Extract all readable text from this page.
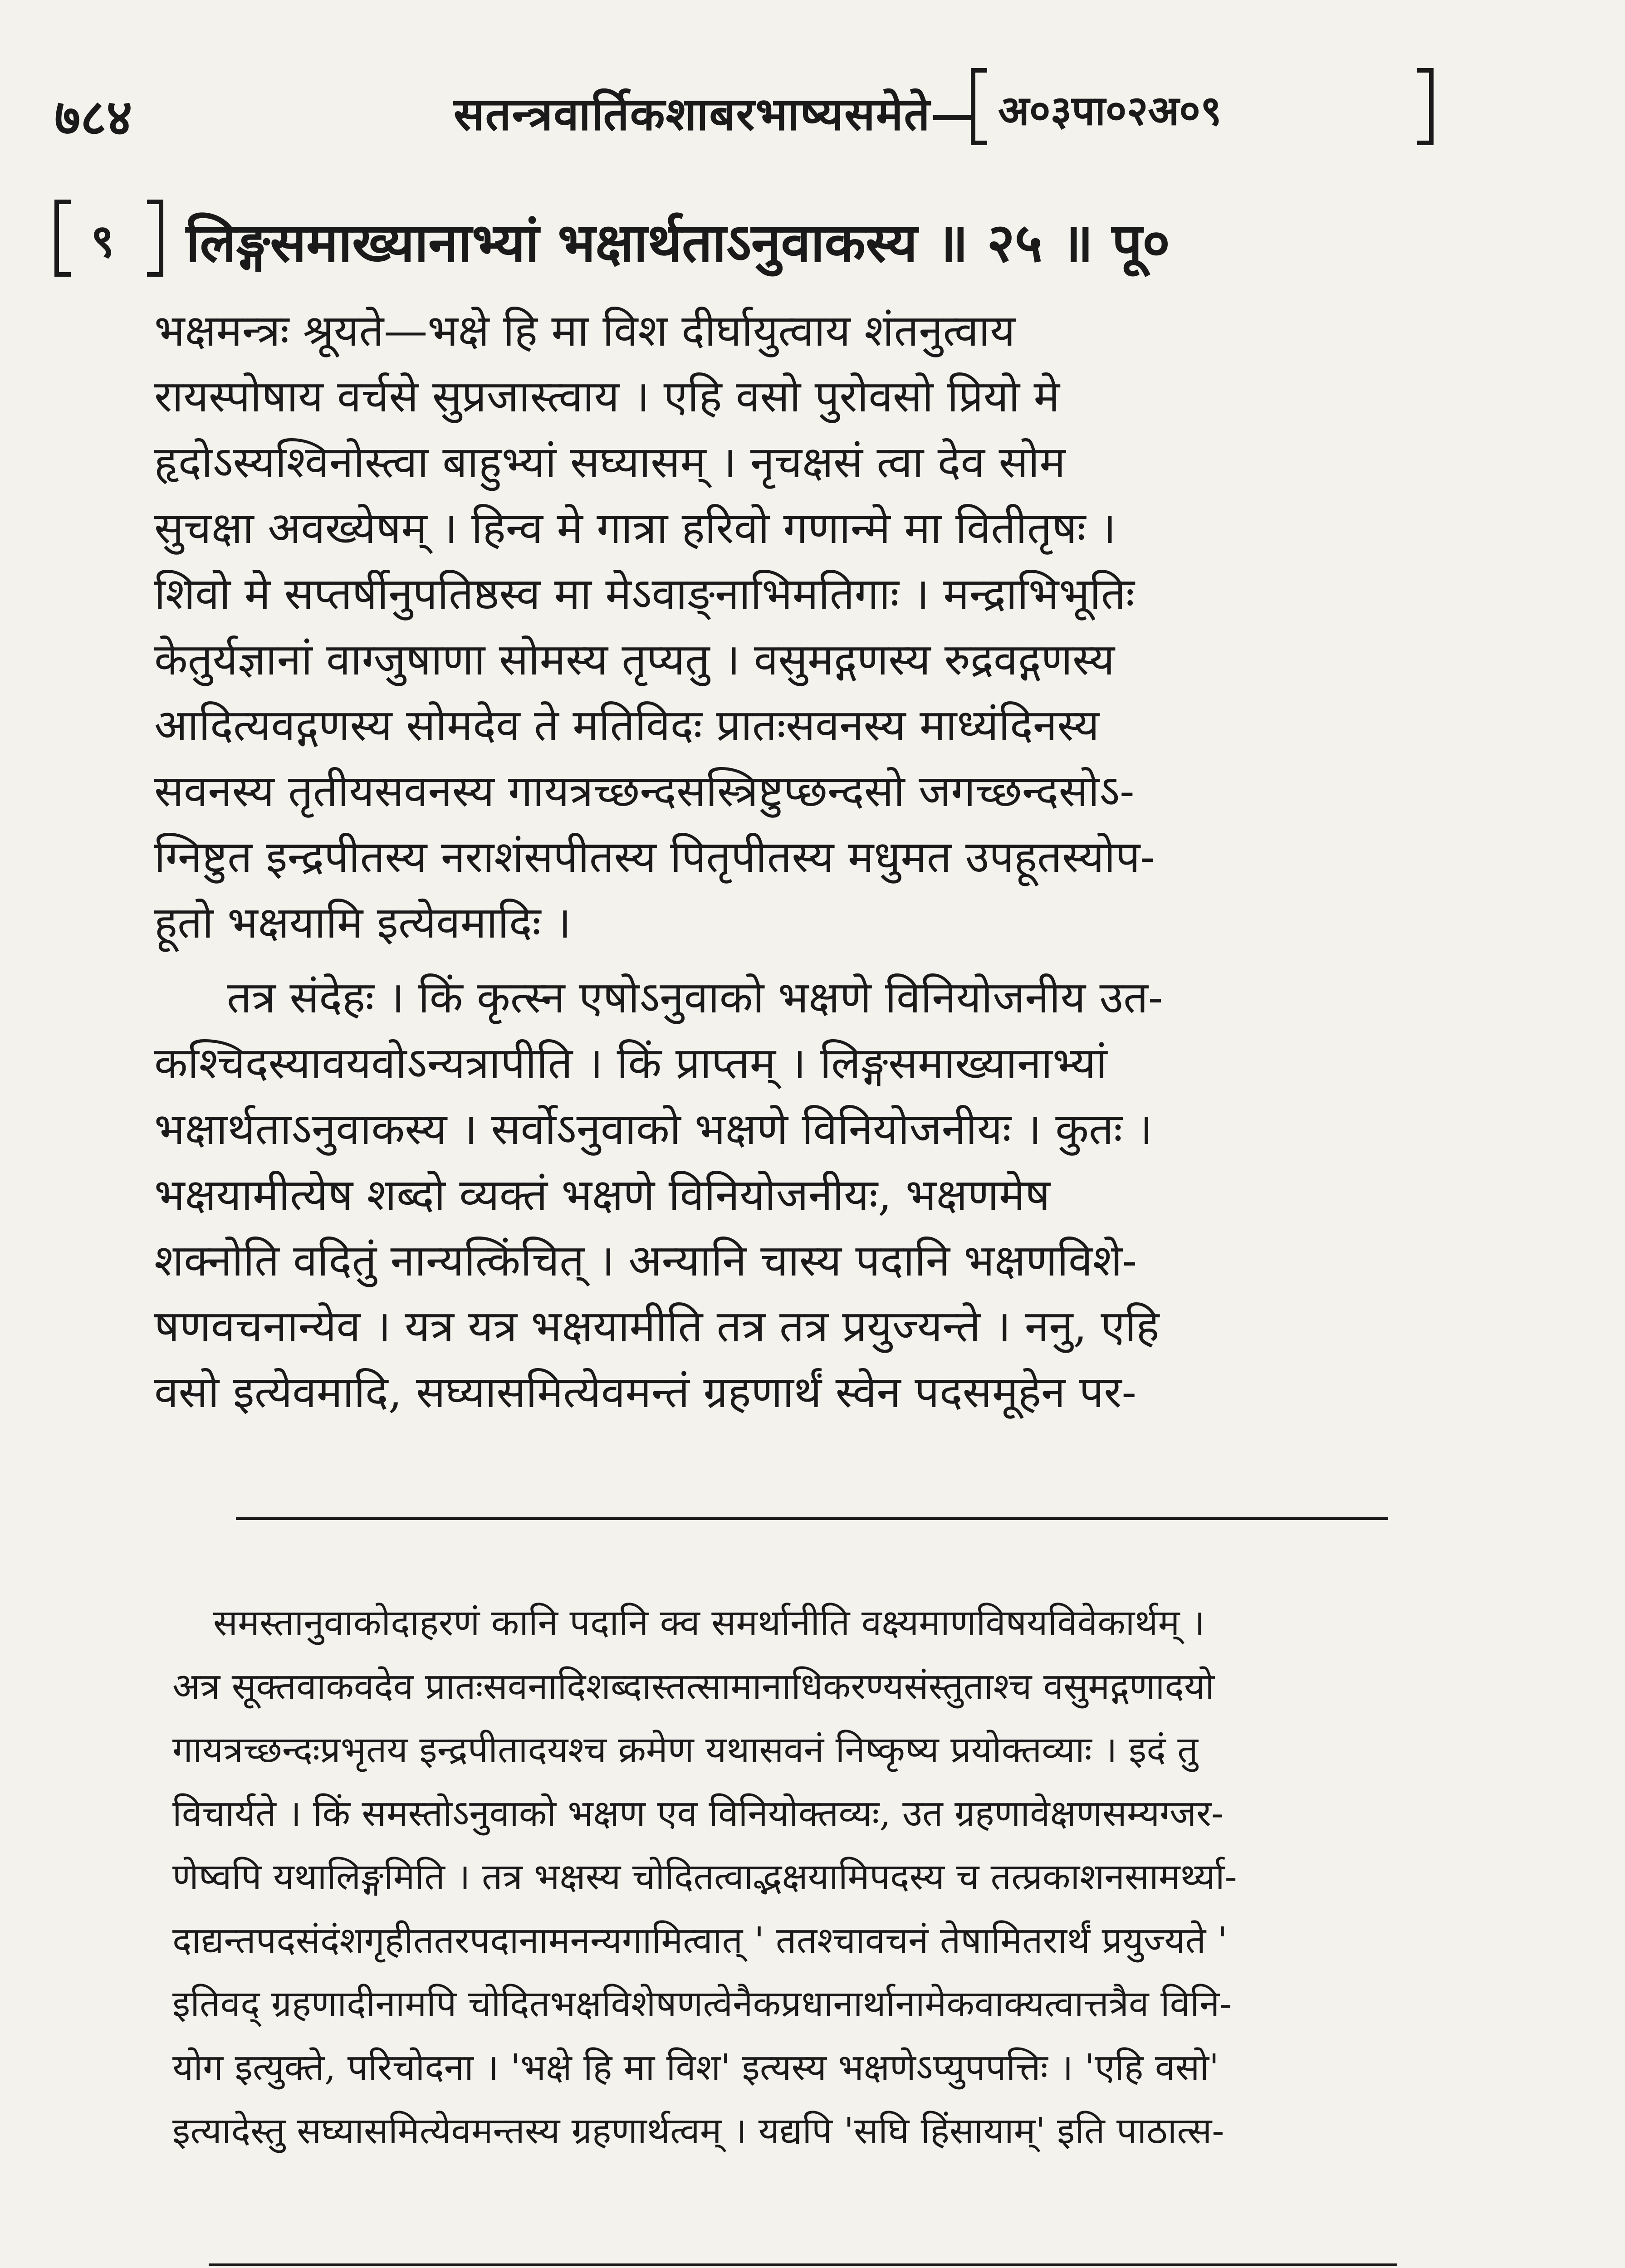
७८४	सतन्त्रवार्तिकशाबरभाष्यसमेते— अ०३पा०२अ०९
९ लिङ्गसमाख्यानाभ्यां भक्षार्थताऽनुवाकस्य ॥ २५ ॥ पू०
भक्षमन्त्रः श्रूयते—भक्षे हि मा विश दीर्घायुत्वाय शंतनुत्वाय
रायस्पोषाय वर्चसे सुप्रजास्त्वाय । एहि वसो पुरोवसो प्रियो मे
हृदोऽस्यश्विनोस्त्वा बाहुभ्यां सघ्यासम् । नृचक्षसं त्वा देव सोम
सुचक्षा अवख्येषम् । हिन्व मे गात्रा हरिवो गणान्मे मा वितीतृषः ।
शिवो मे सप्तर्षीनुपतिष्ठस्व मा मेऽवाङ्नाभिमतिगाः । मन्द्राभिभूतिः
केतुर्यज्ञानां वाग्जुषाणा सोमस्य तृप्यतु । वसुमद्गणस्य रुद्रवद्गणस्य
आदित्यवद्गणस्य सोमदेव ते मतिविदः प्रातःसवनस्य माध्यंदिनस्य
सवनस्य तृतीयसवनस्य गायत्रच्छन्दसस्त्रिष्टुप्छन्दसो जगच्छन्दसोऽ-
ग्निष्टुत इन्द्रपीतस्य नराशंसपीतस्य पितृपीतस्य मधुमत उपहूतस्योप-
हूतो भक्षयामि इत्येवमादिः ।
तत्र संदेहः । किं कृत्स्न एषोऽनुवाको भक्षणे विनियोजनीय उत-
कश्चिदस्यावयवोऽन्यत्रापीति । किं प्राप्तम् । लिङ्गसमाख्यानाभ्यां
भक्षार्थताऽनुवाकस्य । सर्वोऽनुवाको भक्षणे विनियोजनीयः । कुतः ।
भक्षयामीत्येष शब्दो व्यक्तं भक्षणे विनियोजनीयः, भक्षणमेष
शक्नोति वदितुं नान्यत्किंचित् । अन्यानि चास्य पदानि भक्षणविशे-
षणवचनान्येव । यत्र यत्र भक्षयामीति तत्र तत्र प्रयुज्यन्ते । ननु, एहि
वसो इत्येवमादि, सघ्यासमित्येवमन्तं ग्रहणार्थं स्वेन पदसमूहेन पर-
समस्तानुवाकोदाहरणं कानि पदानि क्व समर्थानीति वक्ष्यमाणविषयविवेकार्थम् ।
अत्र सूक्तवाकवदेव प्रातःसवनादिशब्दास्तत्सामानाधिकरण्यसंस्तुताश्च वसुमद्गणादयो
गायत्रच्छन्दःप्रभृतय इन्द्रपीतादयश्च क्रमेण यथासवनं निष्कृष्य प्रयोक्तव्याः । इदं तु
विचार्यते । किं समस्तोऽनुवाको भक्षण एव विनियोक्तव्यः, उत ग्रहणावेक्षणसम्यग्जर-
णेष्वपि यथालिङ्गमिति । तत्र भक्षस्य चोदितत्वाद्भक्षयामिपदस्य च तत्प्रकाशनसामर्थ्या-
दाद्यन्तपदसंदंशगृहीततरपदानामनन्यगामित्वात् ' ततश्चावचनं तेषामितरार्थं प्रयुज्यते '
इतिवद् ग्रहणादीनामपि चोदितभक्षविशेषणत्वेनैकप्रधानार्थानामेकवाक्यत्वात्तत्रैव विनि-
योग इत्युक्ते, परिचोदना । 'भक्षे हि मा विश' इत्यस्य भक्षणेऽप्युपपत्तिः । 'एहि वसो'
इत्यादेस्तु सघ्यासमित्येवमन्तस्य ग्रहणार्थत्वम् । यद्यपि 'सघि हिंसायाम्' इति पाठात्स-
